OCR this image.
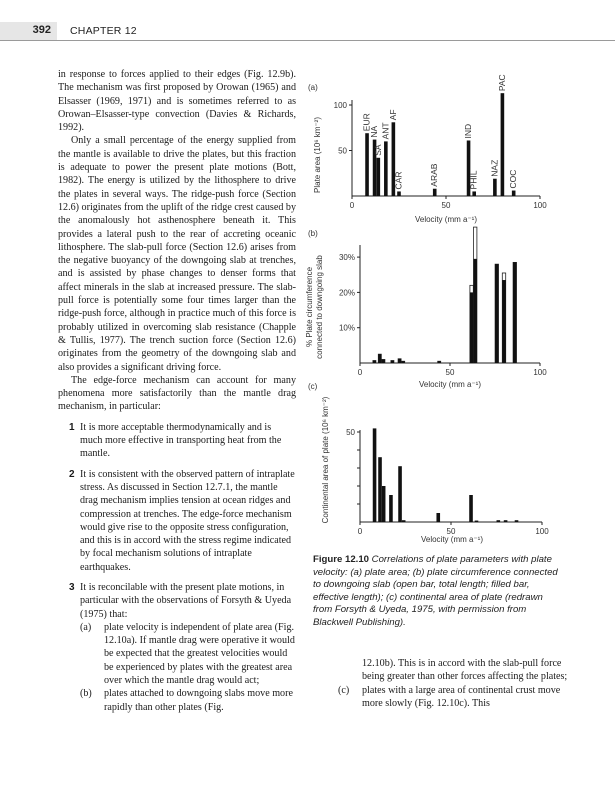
392 CHAPTER 12

in response to forces applied to their edges (Fig. 12.9b). The mechanism was first proposed by Orowan (1965) and Elsasser (1969, 1971) and is sometimes referred to as Orowan–Elsasser-type convection (Davies & Richards, 1992).

Only a small percentage of the energy supplied from the mantle is available to drive the plates, but this fraction is adequate to power the present plate motions (Bott, 1982). The energy is utilized by the lithosphere to drive the plates in several ways. The ridge-push force (Section 12.6) originates from the uplift of the ridge crest caused by the anomalously hot asthenosphere beneath it. This provides a lateral push to the rear of accreting oceanic lithosphere. The slab-pull force (Section 12.6) arises from the negative buoyancy of the downgoing slab at trenches, and is assisted by phase changes to denser forms that affect minerals in the slab at increased pressure. The slab-pull force is potentially some four times larger than the ridge-push force, although in practice much of this force is probably utilized in overcoming slab resistance (Chapple & Tullis, 1977). The trench suction force (Section 12.6) originates from the geometry of the downgoing slab and also provides a significant driving force.

The edge-force mechanism can account for many phenomena more satisfactorily than the mantle drag mechanism, in particular:

1 It is more acceptable thermodynamically and is much more effective in transporting heat from the mantle.
2 It is consistent with the observed pattern of intraplate stress. As discussed in Section 12.7.1, the mantle drag mechanism implies tension at ocean ridges and compression at trenches. The edge-force mechanism would give rise to the opposite stress configuration, and this is in accord with the stress regime indicated by focal mechanism solutions of intraplate earthquakes.
3 It is reconcilable with the present plate motions, in particular with the observations of Forsyth & Uyeda (1975) that:
(a) plate velocity is independent of plate area (Fig. 12.10a). If mantle drag were operative it would be expected that the greatest velocities would be experienced by plates with the greatest area over which the mantle drag would act;
(b) plates attached to downgoing slabs move more rapidly than other plates (Fig.
(a)
Plate area (10⁶ km⁻²)	EUR
NA
SA
ANT
AF
CAR	ARAB
IND
PHIL
NAZ
PAC
COC
0	50	100
50
100
Velocity (mm a⁻¹)
(b)
% Plate circumference connected to downgoing slab
0	50	100
10%
20%
30%
Velocity (mm a⁻¹)
(c)
Continental area of plate (10⁶ km⁻²)
0	50	100
50
Velocity (mm a⁻¹)
Figure 12.10 Correlations of plate parameters with plate velocity: (a) plate area; (b) plate circumference connected to downgoing slab (open bar, total length; filled bar, effective length); (c) continental area of plate (redrawn from Forsyth & Uyeda, 1975, with permission from Blackwell Publishing).
12.10b). This is in accord with the slab-pull force being greater than other forces affecting the plates;
(c) plates with a large area of continental crust move more slowly (Fig. 12.10c). This
